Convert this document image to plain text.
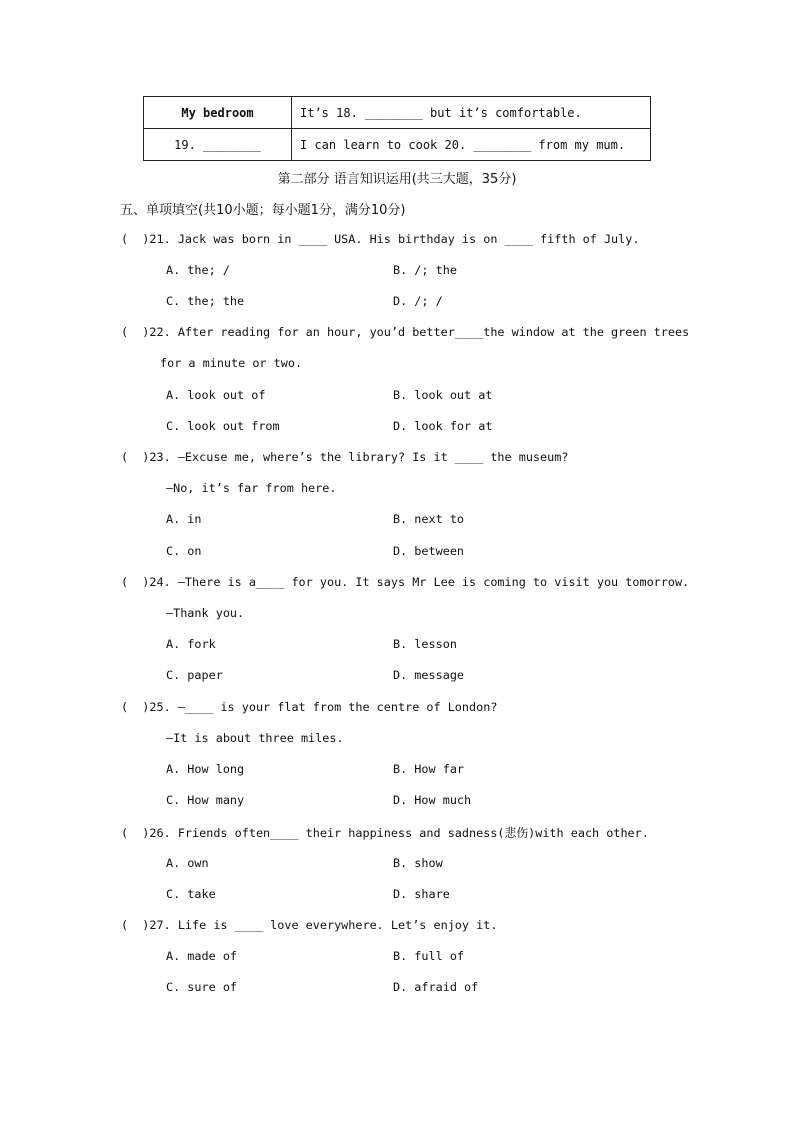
My bedroom	It’s 18. ________ but it’s comfortable.
19. ________	I can learn to cook 20. ________ from my mum.
第二部分 语言知识运用(共三大题，35分)
五、单项填空(共10小题；每小题1分，满分10分)
(  )21. Jack was born in ____ USA. His birthday is on ____ fifth of July.
A. the; /	B. /; the
C. the; the	D. /; /
(  )22. After reading for an hour, you’d better____the window at the green trees
for a minute or two.
A. look out of	B. look out at
C. look out from	D. look for at
(  )23. —Excuse me, where’s the library? Is it ____ the museum?
—No, it’s far from here.
A. in	B. next to
C. on	D. between
(  )24. —There is a____ for you. It says Mr Lee is coming to visit you tomorrow.
—Thank you.
A. fork	B. lesson
C. paper	D. message
(  )25. —____ is your flat from the centre of London?
—It is about three miles.
A. How long	B. How far
C. How many	D. How much
(  )26. Friends often____ their happiness and sadness(悲伤)with each other.
A. own	B. show
C. take	D. share
(  )27. Life is ____ love everywhere. Let’s enjoy it.
A. made of	B. full of
C. sure of	D. afraid of
